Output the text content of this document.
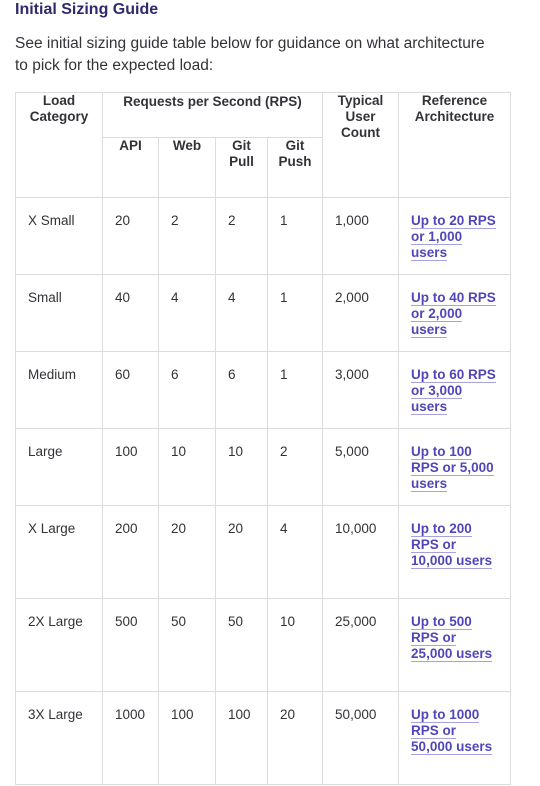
Initial Sizing Guide

See initial sizing guide table below for guidance on what architecture to pick for the expected load:

Load Category	Requests per Second (RPS)				Typical User Count	Reference Architecture
	API	Web	Git Pull	Git Push		
X Small	20	2	2	1	1,000	Up to 20 RPS or 1,000 users
Small	40	4	4	1	2,000	Up to 40 RPS or 2,000 users
Medium	60	6	6	1	3,000	Up to 60 RPS or 3,000 users
Large	100	10	10	2	5,000	Up to 100 RPS or 5,000 users
X Large	200	20	20	4	10,000	Up to 200 RPS or 10,000 users
2X Large	500	50	50	10	25,000	Up to 500 RPS or 25,000 users
3X Large	1000	100	100	20	50,000	Up to 1000 RPS or 50,000 users
